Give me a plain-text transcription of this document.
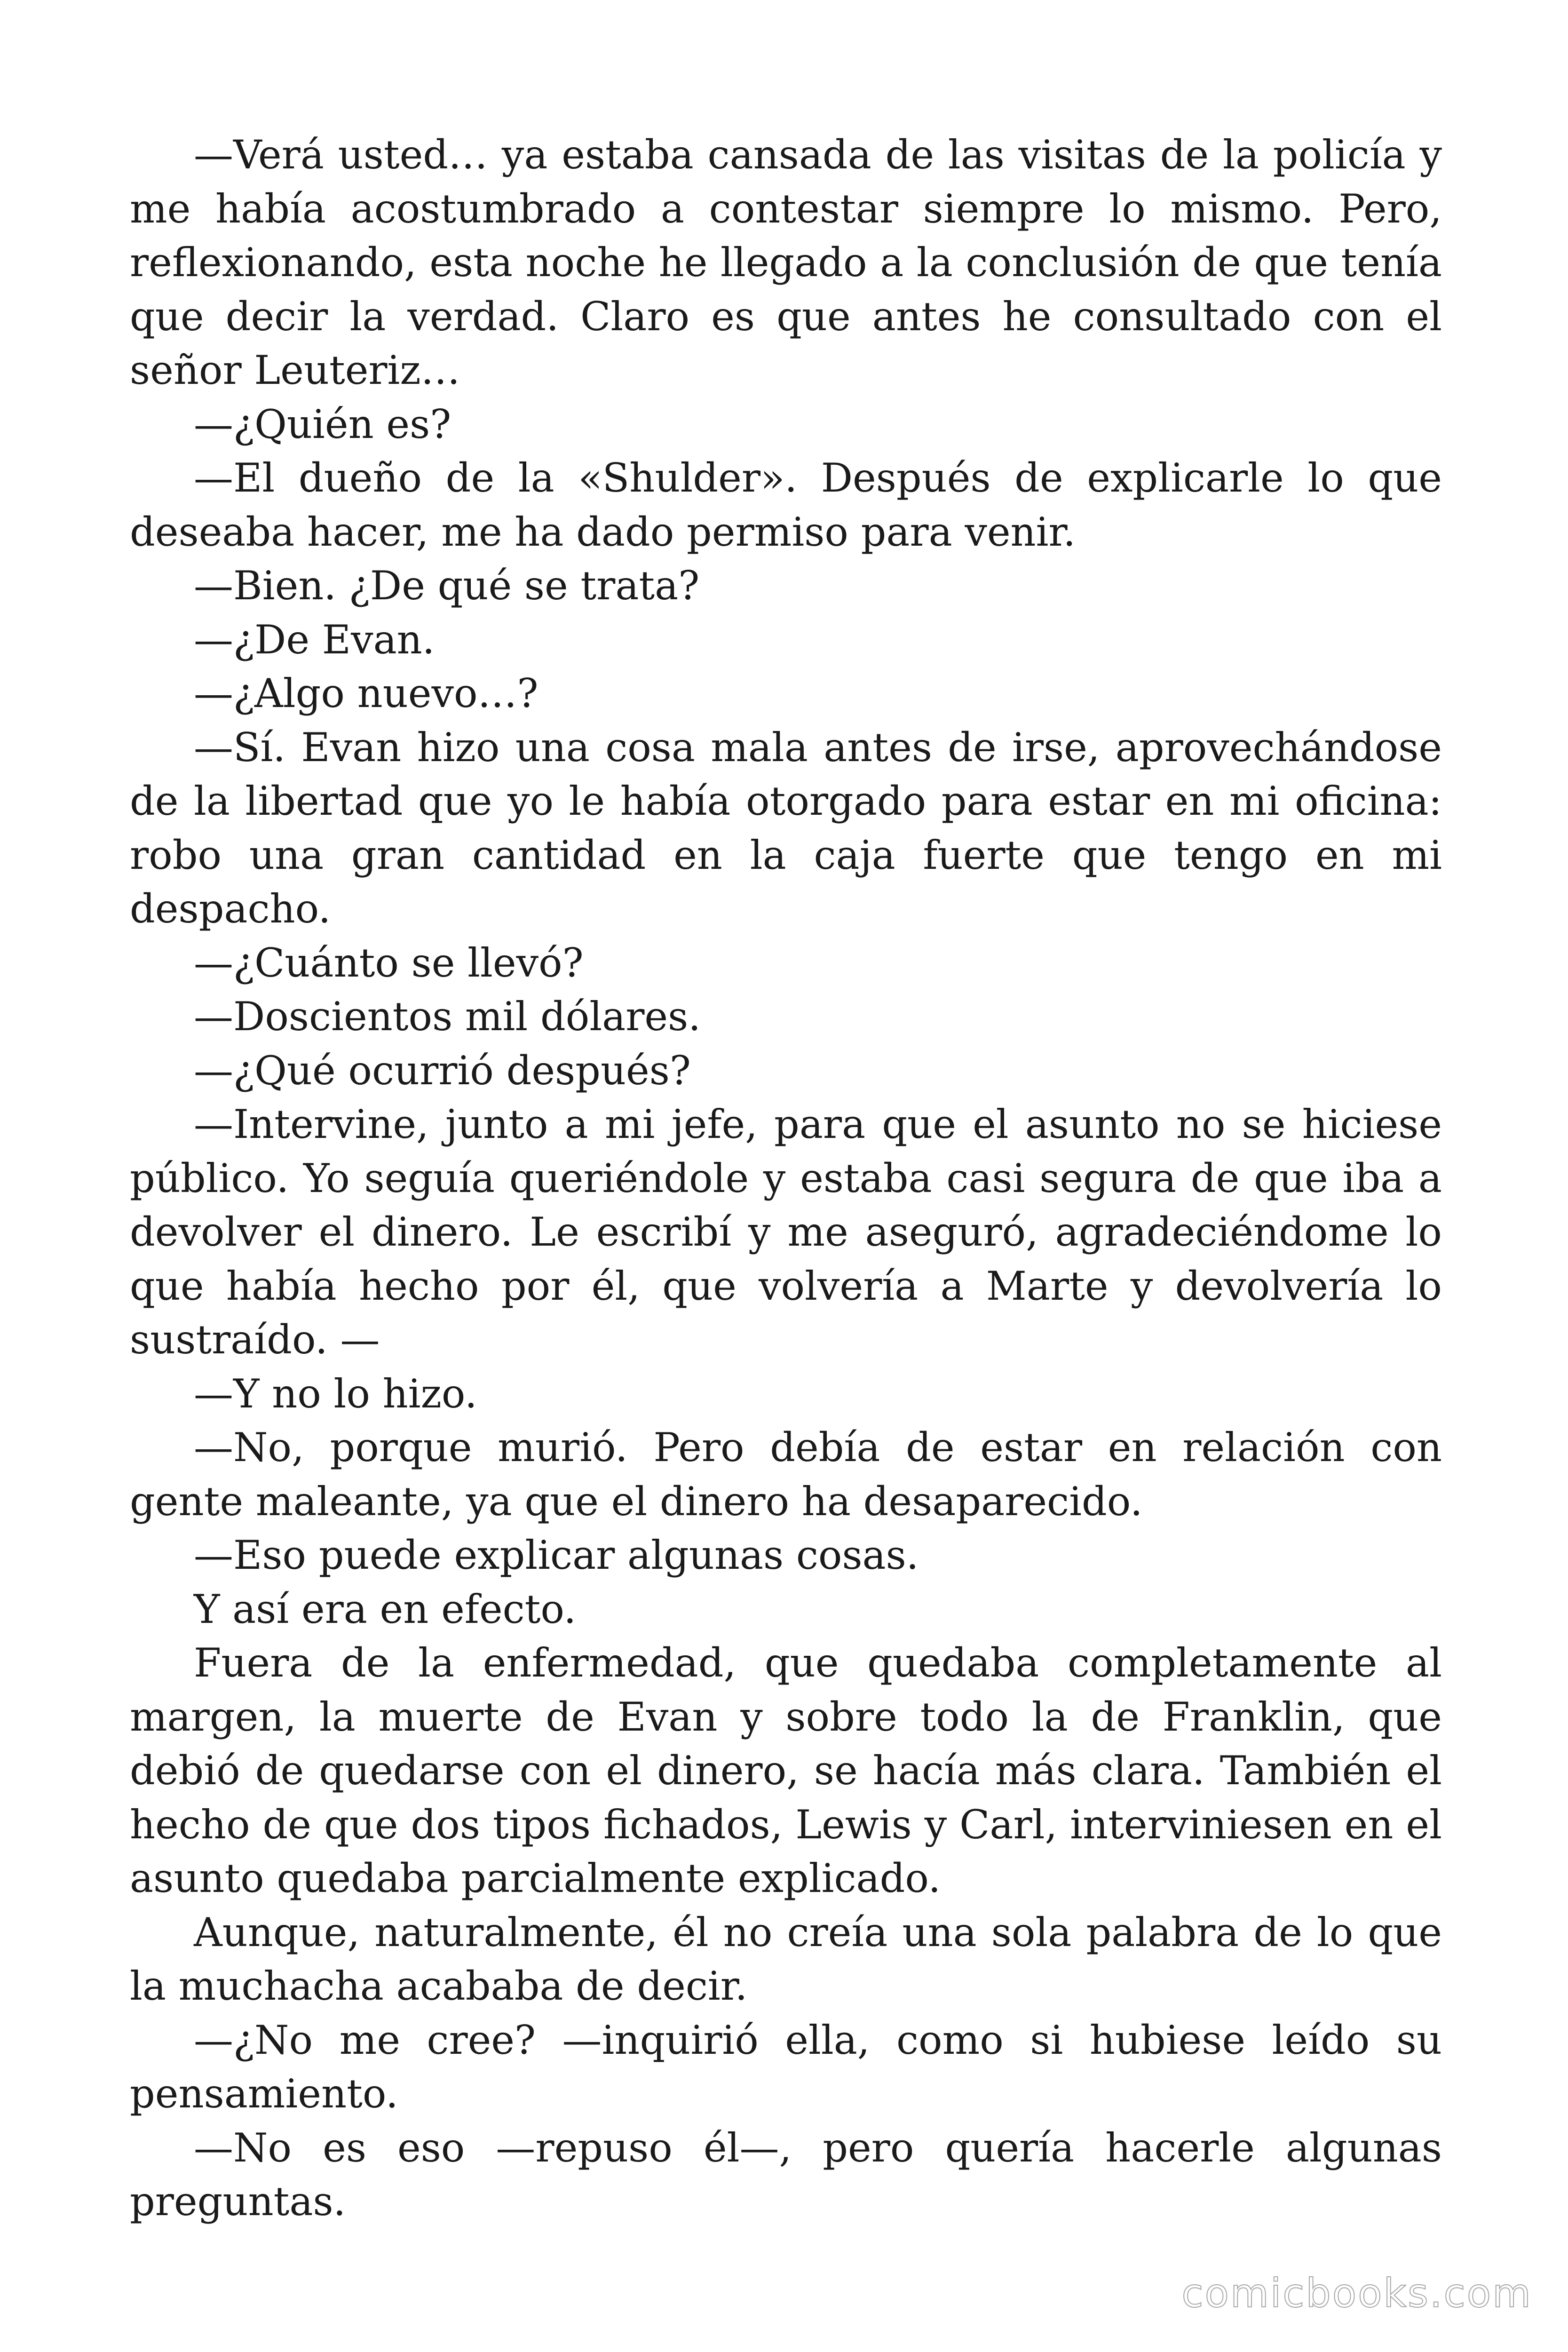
—Verá usted… ya estaba cansada de las visitas de la policía y me había acostumbrado a contestar siempre lo mismo. Pero, reflexionando, esta noche he llegado a la conclusión de que tenía que decir la verdad. Claro es que antes he consultado con el señor Leuteriz…

—¿Quién es?

—El dueño de la «Shulder». Después de explicarle lo que deseaba hacer, me ha dado permiso para venir.

—Bien. ¿De qué se trata?

—¿De Evan.

—¿Algo nuevo…?

—Sí. Evan hizo una cosa mala antes de irse, aprovechándose de la libertad que yo le había otorgado para estar en mi oficina: robo una gran cantidad en la caja fuerte que tengo en mi despacho.

—¿Cuánto se llevó?

—Doscientos mil dólares.

—¿Qué ocurrió después?

—Intervine, junto a mi jefe, para que el asunto no se hiciese público. Yo seguía queriéndole y estaba casi segura de que iba a devolver el dinero. Le escribí y me aseguró, agradeciéndome lo que había hecho por él, que volvería a Marte y devolvería lo sustraído. —

—Y no lo hizo.

—No, porque murió. Pero debía de estar en relación con gente maleante, ya que el dinero ha desaparecido.

—Eso puede explicar algunas cosas.

Y así era en efecto.

Fuera de la enfermedad, que quedaba completamente al margen, la muerte de Evan y sobre todo la de Franklin, que debió de quedarse con el dinero, se hacía más clara. También el hecho de que dos tipos fichados, Lewis y Carl, interviniesen en el asunto quedaba parcialmente explicado.

Aunque, naturalmente, él no creía una sola palabra de lo que la muchacha acababa de decir.

—¿No me cree? —inquirió ella, como si hubiese leído su pensamiento.

—No es eso —repuso él—, pero quería hacerle algunas preguntas.

comicbooks.com
